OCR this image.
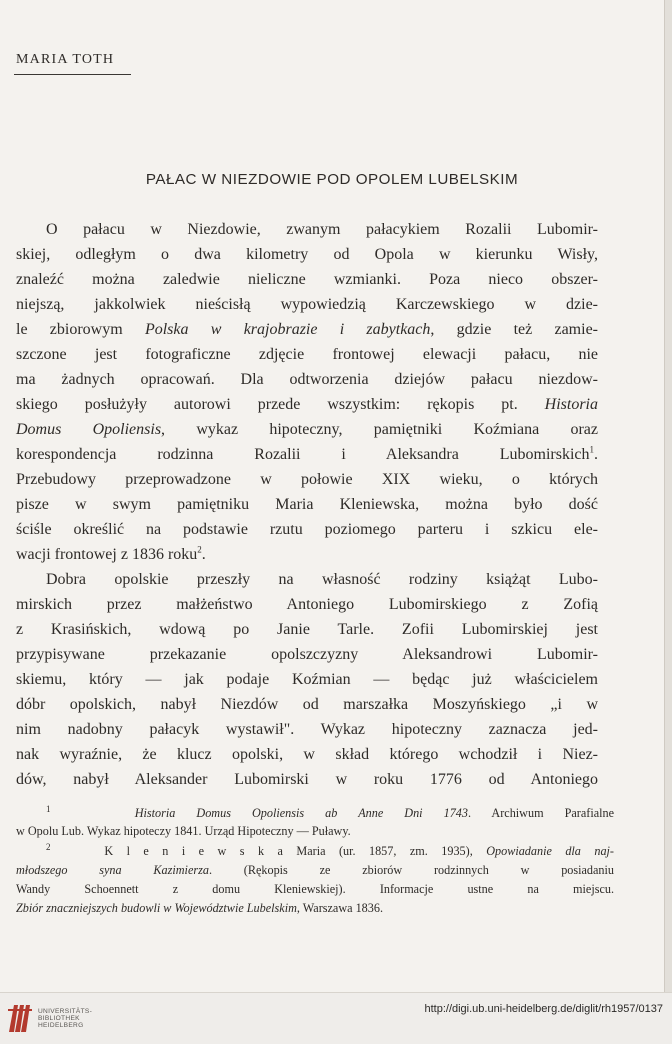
MARIA TOTH
PAŁAC W NIEZDOWIE POD OPOLEM LUBELSKIM
O pałacu w Niezdowie, zwanym pałacykiem Rozalii Lubomir-
skiej, odległym o dwa kilometry od Opola w kierunku Wisły,
znaleźć można zaledwie nieliczne wzmianki. Poza nieco obszer-
niejszą, jakkolwiek nieścisłą wypowiedzią Karczewskiego w dzie-
le zbiorowym Polska w krajobrazie i zabytkach, gdzie też zamie-
szczone jest fotograficzne zdjęcie frontowej elewacji pałacu, nie
ma żadnych opracowań. Dla odtworzenia dziejów pałacu niezdow-
skiego posłużyły autorowi przede wszystkim: rękopis pt. Historia
Domus Opoliensis, wykaz hipoteczny, pamiętniki Koźmiana oraz
korespondencja rodzinna Rozalii i Aleksandra Lubomirskich$^1$.
Przebudowy przeprowadzone w połowie XIX wieku, o których
pisze w swym pamiętniku Maria Kleniewska, można było dość
ściśle określić na podstawie rzutu poziomego parteru i szkicu ele-
wacji frontowej z 1836 roku$^2$.
Dobra opolskie przeszły na własność rodziny książąt Lubo-
mirskich przez małżeństwo Antoniego Lubomirskiego z Zofią
z Krasińskich, wdową po Janie Tarle. Zofii Lubomirskiej jest
przypisywane przekazanie opolszczyzny Aleksandrowi Lubomir-
skiemu, który — jak podaje Koźmian — będąc już właścicielem
dóbr opolskich, nabył Niezdów od marszałka Moszyńskiego „i w
nim nadobny pałacyk wystawił". Wykaz hipoteczny zaznacza jed-
nak wyraźnie, że klucz opolski, w skład którego wchodził i Niez-
dów, nabył Aleksander Lubomirski w roku 1776 od Antoniego
$^1$	Historia Domus Opoliensis ab Anne Dni 1743. Archiwum Parafialne
w Opolu Lub. Wykaz hipoteczy 1841. Urząd Hipoteczny — Puławy.
$^2$	K l e n i e w s k a Maria (ur. 1857, zm. 1935), Opowiadanie dla naj-
młodszego syna Kazimierza. (Rękopis ze zbiorów rodzinnych w posiadaniu
Wandy Schoennett z domu Kleniewskiej). Informacje ustne na miejscu.
Zbiór znaczniejszych budowli w Województwie Lubelskim, Warszawa 1836.
UNIVERSITÄTS-
BIBLIOTHEK
HEIDELBERG
http://digi.ub.uni-heidelberg.de/diglit/rh1957/0137
